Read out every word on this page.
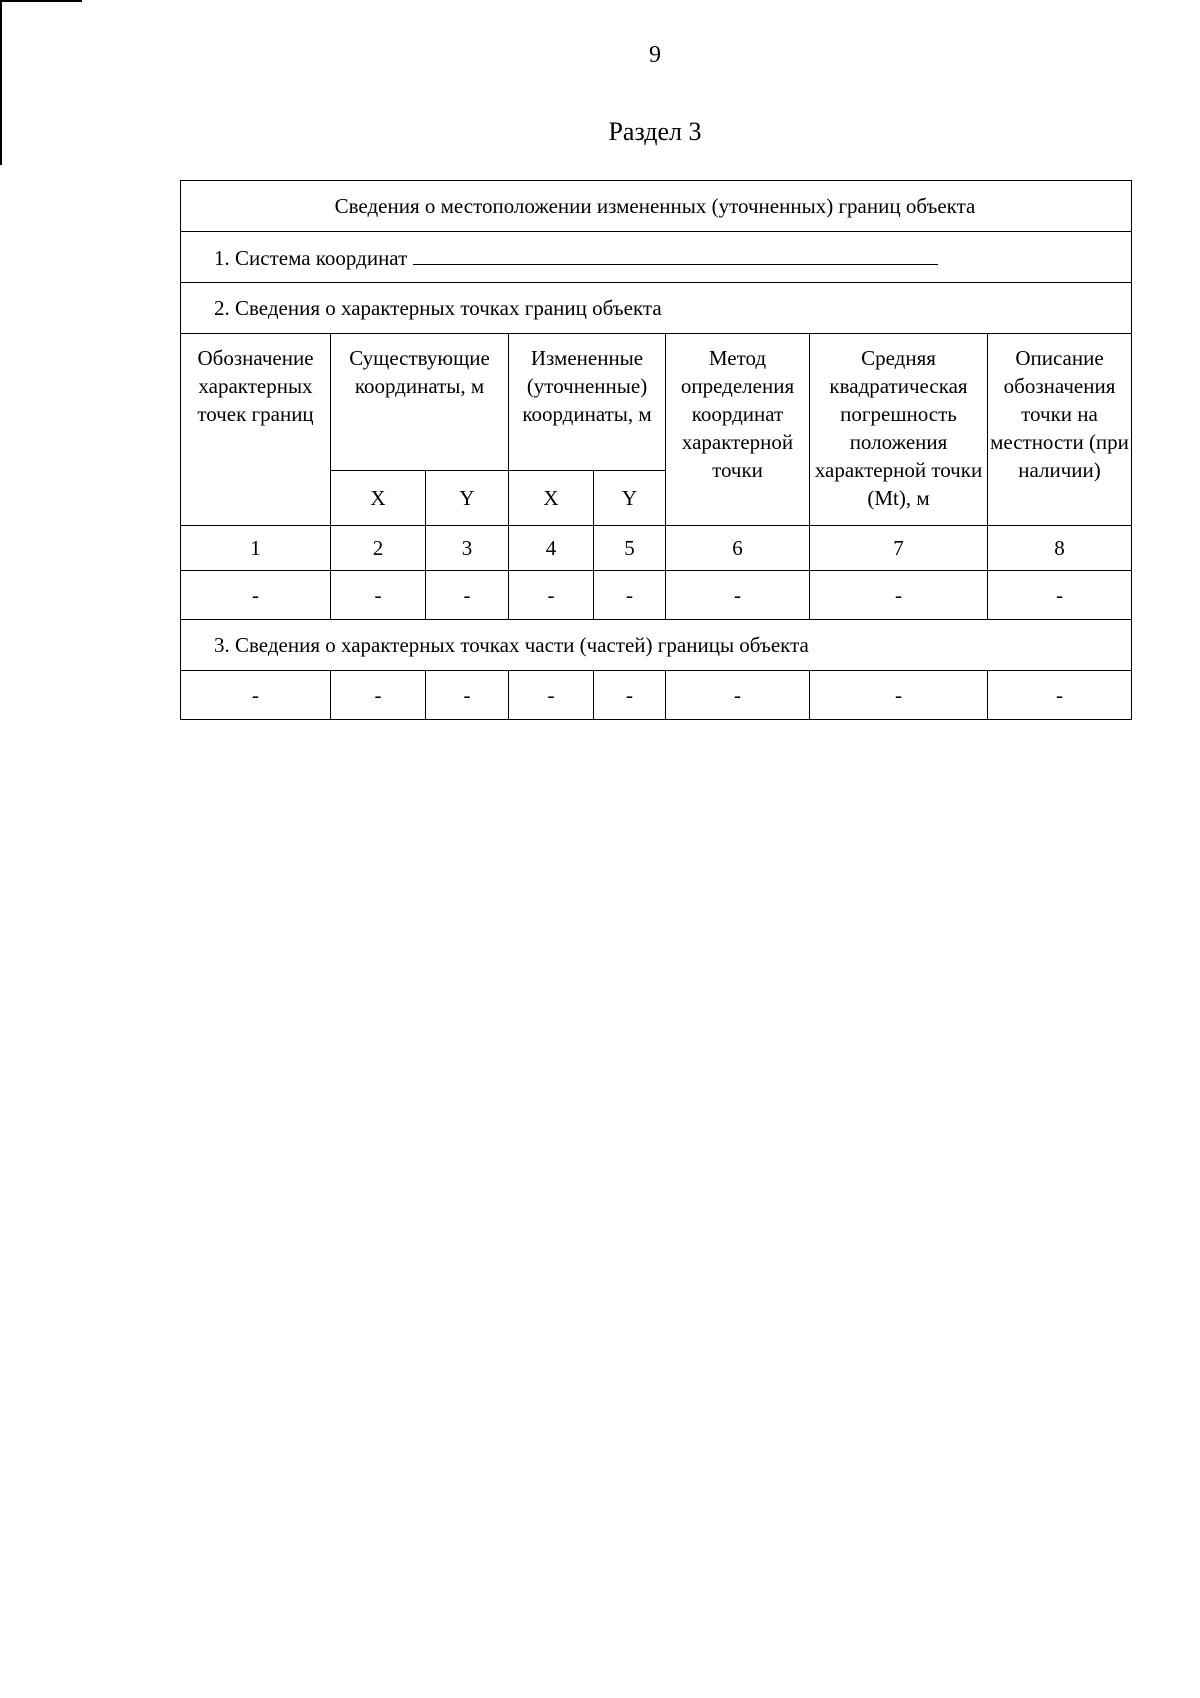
9
Раздел 3
Сведения о местоположении измененных (уточненных) границ объекта							
1. Система координат							
2. Сведения о характерных точках границ объекта							
Обозначение характерных точек границ	Существующие координаты, м		Измененные (уточненные) координаты, м		Метод определения координат характерной точки	Средняя квадратическая погрешность положения характерной точки (Mt), м	Описание обозначения точки на местности (при наличии)
	X	Y	X	Y			
1	2	3	4	5	6	7	8
-	-	-	-	-	-	-	-
3. Сведения о характерных точках части (частей) границы объекта							
-	-	-	-	-	-	-	-
